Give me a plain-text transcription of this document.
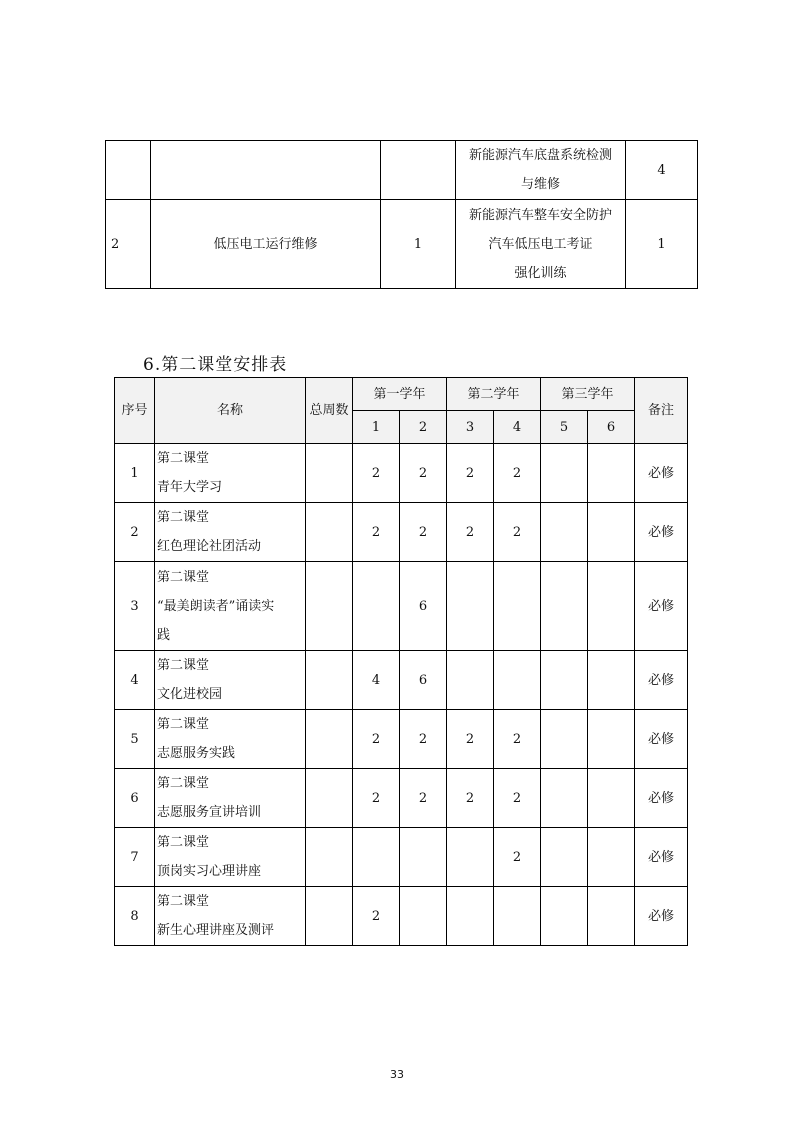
			新能源汽车底盘系统检测
与维修	4
2	低压电工运行维修	1	新能源汽车整车安全防护
汽车低压电工考证
强化训练	1
6.第二课堂安排表
序号	名称	总周数	第一学年		第二学年		第三学年		备注
			1	2	3	4	5	6	
1	第二课堂
青年大学习		2	2	2	2			必修
2	第二课堂
红色理论社团活动		2	2	2	2			必修
3	第二课堂
“最美朗读者”诵读实
践			6					必修
4	第二课堂
文化进校园		4	6					必修
5	第二课堂
志愿服务实践		2	2	2	2			必修
6	第二课堂
志愿服务宣讲培训		2	2	2	2			必修
7	第二课堂
顶岗实习心理讲座					2			必修
8	第二课堂
新生心理讲座及测评		2						必修
33
